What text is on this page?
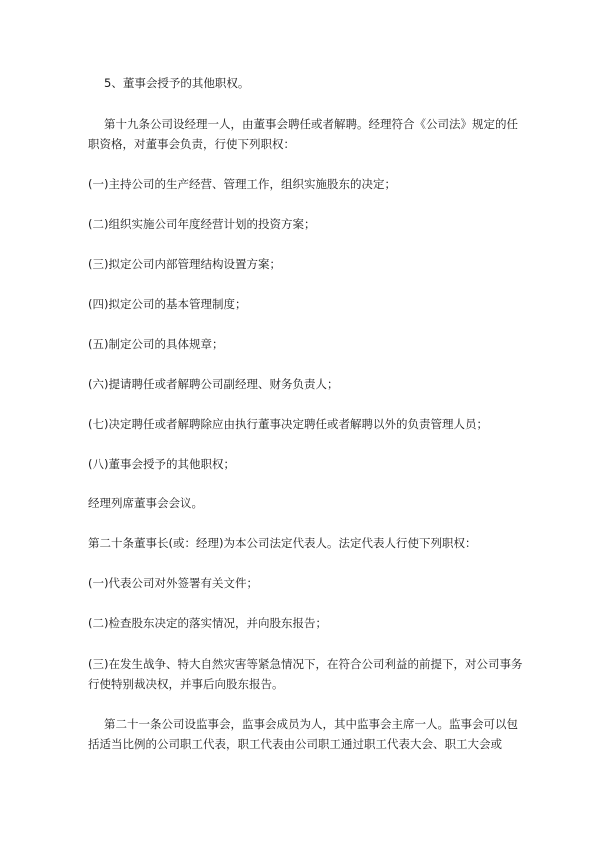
5、董事会授予的其他职权。

第十九条公司设经理一人，由董事会聘任或者解聘。经理符合《公司法》规定的任职资格，对董事会负责，行使下列职权：

(一)主持公司的生产经营、管理工作，组织实施股东的决定；

(二)组织实施公司年度经营计划的投资方案；

(三)拟定公司内部管理结构设置方案；

(四)拟定公司的基本管理制度；

(五)制定公司的具体规章；

(六)提请聘任或者解聘公司副经理、财务负责人；

(七)决定聘任或者解聘除应由执行董事决定聘任或者解聘以外的负责管理人员；

(八)董事会授予的其他职权；

经理列席董事会会议。

第二十条董事长(或：经理)为本公司法定代表人。法定代表人行使下列职权：

(一)代表公司对外签署有关文件；

(二)检查股东决定的落实情况，并向股东报告；

(三)在发生战争、特大自然灾害等紧急情况下，在符合公司利益的前提下，对公司事务行使特别裁决权，并事后向股东报告。

第二十一条公司设监事会，监事会成员为人，其中监事会主席一人。监事会可以包括适当比例的公司职工代表，职工代表由公司职工通过职工代表大会、职工大会或
